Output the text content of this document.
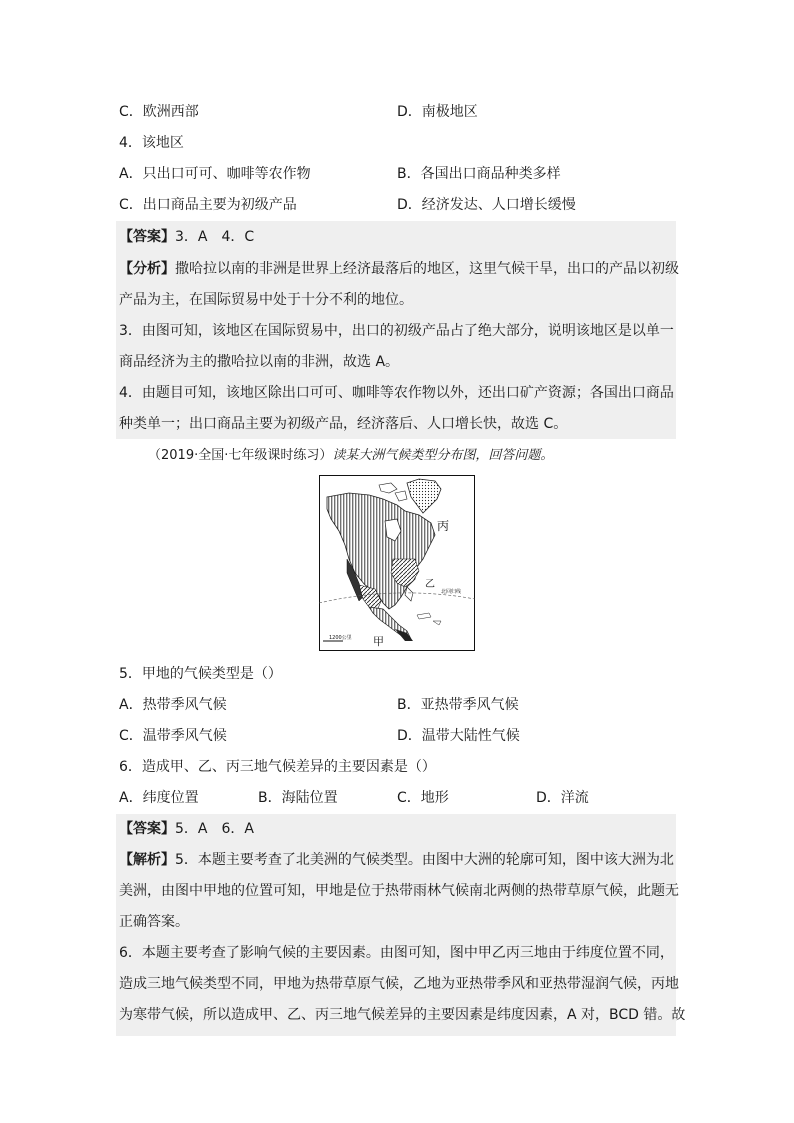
C．欧洲西部	D．南极地区
4．该地区
A．只出口可可、咖啡等农作物	B．各国出口商品种类多样
C．出口商品主要为初级产品	D．经济发达、人口增长缓慢
【答案】3．A　4．C
【分析】撒哈拉以南的非洲是世界上经济最落后的地区，这里气候干旱，出口的产品以初级
产品为主，在国际贸易中处于十分不利的地位。
3．由图可知，该地区在国际贸易中，出口的初级产品占了绝大部分，说明该地区是以单一
商品经济为主的撒哈拉以南的非洲，故选 A。
4．由题目可知，该地区除出口可可、咖啡等农作物以外，还出口矿产资源；各国出口商品
种类单一；出口商品主要为初级产品，经济落后、人口增长快，故选 C。
（2019·全国·七年级课时练习）读某大洲气候类型分布图，回答问题。
丙
乙
北回归线
甲
1200公里
5．甲地的气候类型是（）
A．热带季风气候	B．亚热带季风气候
C．温带季风气候	D．温带大陆性气候
6．造成甲、乙、丙三地气候差异的主要因素是（）
A．纬度位置	B．海陆位置	C．地形	D．洋流
【答案】5．A　6．A
【解析】5．本题主要考查了北美洲的气候类型。由图中大洲的轮廓可知，图中该大洲为北
美洲，由图中甲地的位置可知，甲地是位于热带雨林气候南北两侧的热带草原气候，此题无
正确答案。
6．本题主要考查了影响气候的主要因素。由图可知，图中甲乙丙三地由于纬度位置不同，
造成三地气候类型不同，甲地为热带草原气候，乙地为亚热带季风和亚热带湿润气候，丙地
为寒带气候，所以造成甲、乙、丙三地气候差异的主要因素是纬度因素，A 对，BCD 错。故
